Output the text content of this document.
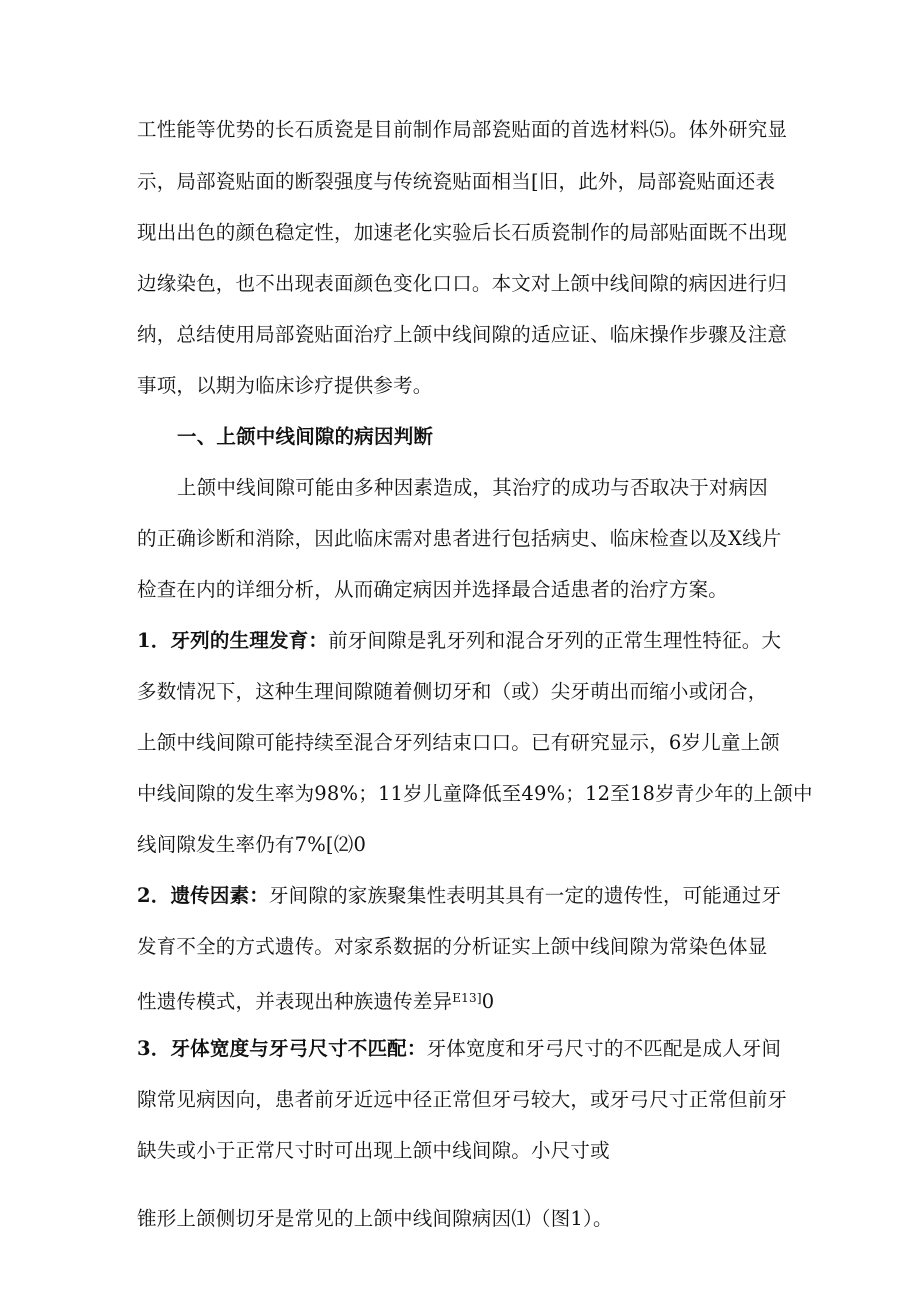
工性能等优势的长石质瓷是目前制作局部瓷贴面的首选材料⑸。体外研究显
示，局部瓷贴面的断裂强度与传统瓷贴面相当[旧，此外，局部瓷贴面还表
现出出色的颜色稳定性，加速老化实验后长石质瓷制作的局部贴面既不出现
边缘染色，也不出现表面颜色变化口口。本文对上颌中线间隙的病因进行归
纳，总结使用局部瓷贴面治疗上颌中线间隙的适应证、临床操作步骤及注意
事项，以期为临床诊疗提供参考。
一、上颌中线间隙的病因判断
上颌中线间隙可能由多种因素造成，其治疗的成功与否取决于对病因
的正确诊断和消除，因此临床需对患者进行包括病史、临床检查以及X线片
检查在内的详细分析，从而确定病因并选择最合适患者的治疗方案。
1．牙列的生理发育：前牙间隙是乳牙列和混合牙列的正常生理性特征。大
多数情况下，这种生理间隙随着侧切牙和（或）尖牙萌出而缩小或闭合，
上颌中线间隙可能持续至混合牙列结束口口。已有研究显示，6岁儿童上颌
中线间隙的发生率为98%；11岁儿童降低至49%；12至18岁青少年的上颌中
线间隙发生率仍有7%[⑵0
2．遗传因素：牙间隙的家族聚集性表明其具有一定的遗传性，可能通过牙
发育不全的方式遗传。对家系数据的分析证实上颌中线间隙为常染色体显
性遗传模式，并表现出种族遗传差异$^{E13]}$0
3．牙体宽度与牙弓尺寸不匹配：牙体宽度和牙弓尺寸的不匹配是成人牙间
隙常见病因向，患者前牙近远中径正常但牙弓较大，或牙弓尺寸正常但前牙
缺失或小于正常尺寸时可出现上颌中线间隙。小尺寸或
锥形上颌侧切牙是常见的上颌中线间隙病因⑴（图1）。
